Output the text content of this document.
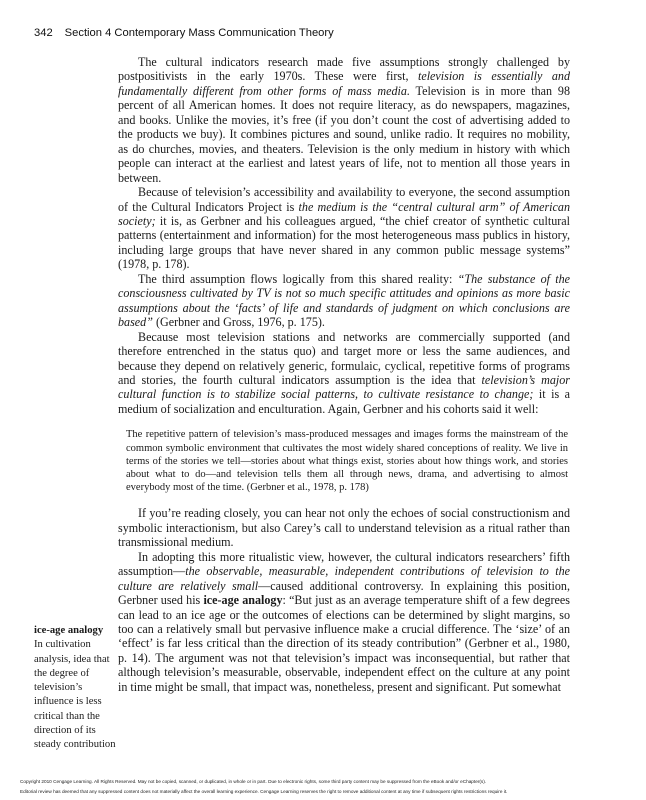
342 Section 4 Contemporary Mass Communication Theory

The cultural indicators research made five assumptions strongly challenged by postpositivists in the early 1970s. These were first, television is essentially and fundamentally different from other forms of mass media. Television is in more than 98 percent of all American homes. It does not require literacy, as do newspapers, magazines, and books. Unlike the movies, it’s free (if you don’t count the cost of advertising added to the products we buy). It combines pictures and sound, unlike radio. It requires no mobility, as do churches, movies, and theaters. Television is the only medium in history with which people can interact at the earliest and latest years of life, not to mention all those years in between.

Because of television’s accessibility and availability to everyone, the second assumption of the Cultural Indicators Project is the medium is the “central cultural arm” of American society; it is, as Gerbner and his colleagues argued, “the chief creator of synthetic cultural patterns (entertainment and information) for the most heterogeneous mass publics in history, including large groups that have never shared in any common public message systems” (1978, p. 178).

The third assumption flows logically from this shared reality: “The substance of the consciousness cultivated by TV is not so much specific attitudes and opinions as more basic assumptions about the ‘facts’ of life and standards of judgment on which conclusions are based” (Gerbner and Gross, 1976, p. 175).

Because most television stations and networks are commercially supported (and therefore entrenched in the status quo) and target more or less the same audiences, and because they depend on relatively generic, formulaic, cyclical, repetitive forms of programs and stories, the fourth cultural indicators assumption is the idea that television’s major cultural function is to stabilize social patterns, to cultivate resistance to change; it is a medium of socialization and enculturation. Again, Gerbner and his cohorts said it well:

The repetitive pattern of television’s mass-produced messages and images forms the mainstream of the common symbolic environment that cultivates the most widely shared conceptions of reality. We live in terms of the stories we tell—stories about what things exist, stories about how things work, and stories about what to do—and television tells them all through news, drama, and advertising to almost everybody most of the time. (Gerbner et al., 1978, p. 178)

If you’re reading closely, you can hear not only the echoes of social constructionism and symbolic interactionism, but also Carey’s call to understand television as a ritual rather than transmissional medium.

In adopting this more ritualistic view, however, the cultural indicators researchers’ fifth assumption—the observable, measurable, independent contributions of television to the culture are relatively small—caused additional controversy. In explaining this position, Gerbner used his ice-age analogy: “But just as an average temperature shift of a few degrees can lead to an ice age or the outcomes of elections can be determined by slight margins, so too can a relatively small but pervasive influence make a crucial difference. The ‘size’ of an ‘effect’ is far less critical than the direction of its steady contribution” (Gerbner et al., 1980, p. 14). The argument was not that television’s impact was inconsequential, but rather that although television’s measurable, observable, independent effect on the culture at any point in time might be small, that impact was, nonetheless, present and significant. Put somewhat

ice-age analogy
In cultivation analysis, idea that the degree of television’s influence is less critical than the direction of its steady contribution
Copyright 2010 Cengage Learning. All Rights Reserved. May not be copied, scanned, or duplicated, in whole or in part. Due to electronic rights, some third party content may be suppressed from the eBook and/or eChapter(s).
Editorial review has deemed that any suppressed content does not materially affect the overall learning experience. Cengage Learning reserves the right to remove additional content at any time if subsequent rights restrictions require it.
